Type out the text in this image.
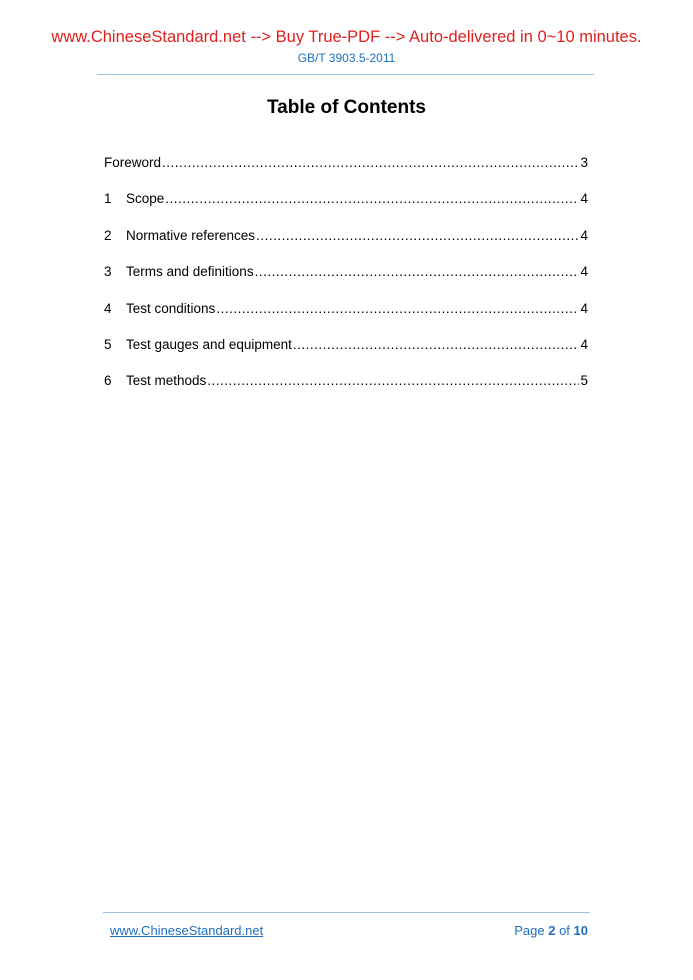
www.ChineseStandard.net --> Buy True-PDF --> Auto-delivered in 0~10 minutes.
GB/T 3903.5-2011
Table of Contents
Foreword .....	3
1	Scope .....	4
2	Normative references .....	4
3	Terms and definitions .....	4
4	Test conditions .....	4
5	Test gauges and equipment .....	4
6	Test methods .....	5
www.ChineseStandard.net	Page 2 of 10
